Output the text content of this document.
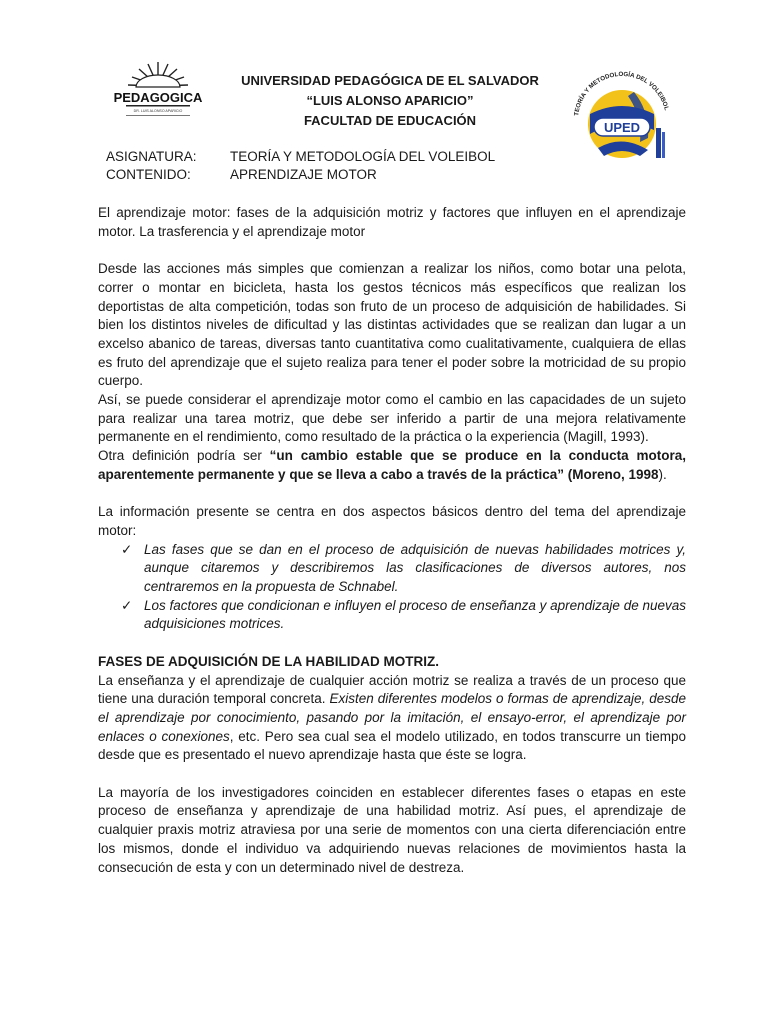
PEDAGOGICA
DR. LUIS ALONSO APARICIO
UNIVERSIDAD PEDAGÓGICA DE EL SALVADOR
“LUIS ALONSO APARICIO”
FACULTAD DE EDUCACIÓN	TEORÍA Y METODOLOGÍA DEL VOLEIBOL
UPED
ASIGNATURA:	TEORÍA Y METODOLOGÍA DEL VOLEIBOL
CONTENIDO:	APRENDIZAJE MOTOR

El aprendizaje motor: fases de la adquisición motriz y factores que influyen en el aprendizaje motor. La trasferencia y el aprendizaje motor

Desde las acciones más simples que comienzan a realizar los niños, como botar una pelota, correr o montar en bicicleta, hasta los gestos técnicos más específicos que realizan los deportistas de alta competición, todas son fruto de un proceso de adquisición de habilidades. Si bien los distintos niveles de dificultad y las distintas actividades que se realizan dan lugar a un excelso abanico de tareas, diversas tanto cuantitativa como cualitativamente, cualquiera de ellas es fruto del aprendizaje que el sujeto realiza para tener el poder sobre la motricidad de su propio cuerpo.

Así, se puede considerar el aprendizaje motor como el cambio en las capacidades de un sujeto para realizar una tarea motriz, que debe ser inferido a partir de una mejora relativamente permanente en el rendimiento, como resultado de la práctica o la experiencia (Magill, 1993).

Otra definición podría ser “un cambio estable que se produce en la conducta motora, aparentemente permanente y que se lleva a cabo a través de la práctica” (Moreno, 1998).

La información presente se centra en dos aspectos básicos dentro del tema del aprendizaje motor:

✓ Las fases que se dan en el proceso de adquisición de nuevas habilidades motrices y, aunque citaremos y describiremos las clasificaciones de diversos autores, nos centraremos en la propuesta de Schnabel.
✓ Los factores que condicionan e influyen el proceso de enseñanza y aprendizaje de nuevas adquisiciones motrices.

FASES DE ADQUISICIÓN DE LA HABILIDAD MOTRIZ.

La enseñanza y el aprendizaje de cualquier acción motriz se realiza a través de un proceso que tiene una duración temporal concreta. Existen diferentes modelos o formas de aprendizaje, desde el aprendizaje por conocimiento, pasando por la imitación, el ensayo-error, el aprendizaje por enlaces o conexiones, etc. Pero sea cual sea el modelo utilizado, en todos transcurre un tiempo desde que es presentado el nuevo aprendizaje hasta que éste se logra.

La mayoría de los investigadores coinciden en establecer diferentes fases o etapas en este proceso de enseñanza y aprendizaje de una habilidad motriz. Así pues, el aprendizaje de cualquier praxis motriz atraviesa por una serie de momentos con una cierta diferenciación entre los mismos, donde el individuo va adquiriendo nuevas relaciones de movimientos hasta la consecución de esta y con un determinado nivel de destreza.
